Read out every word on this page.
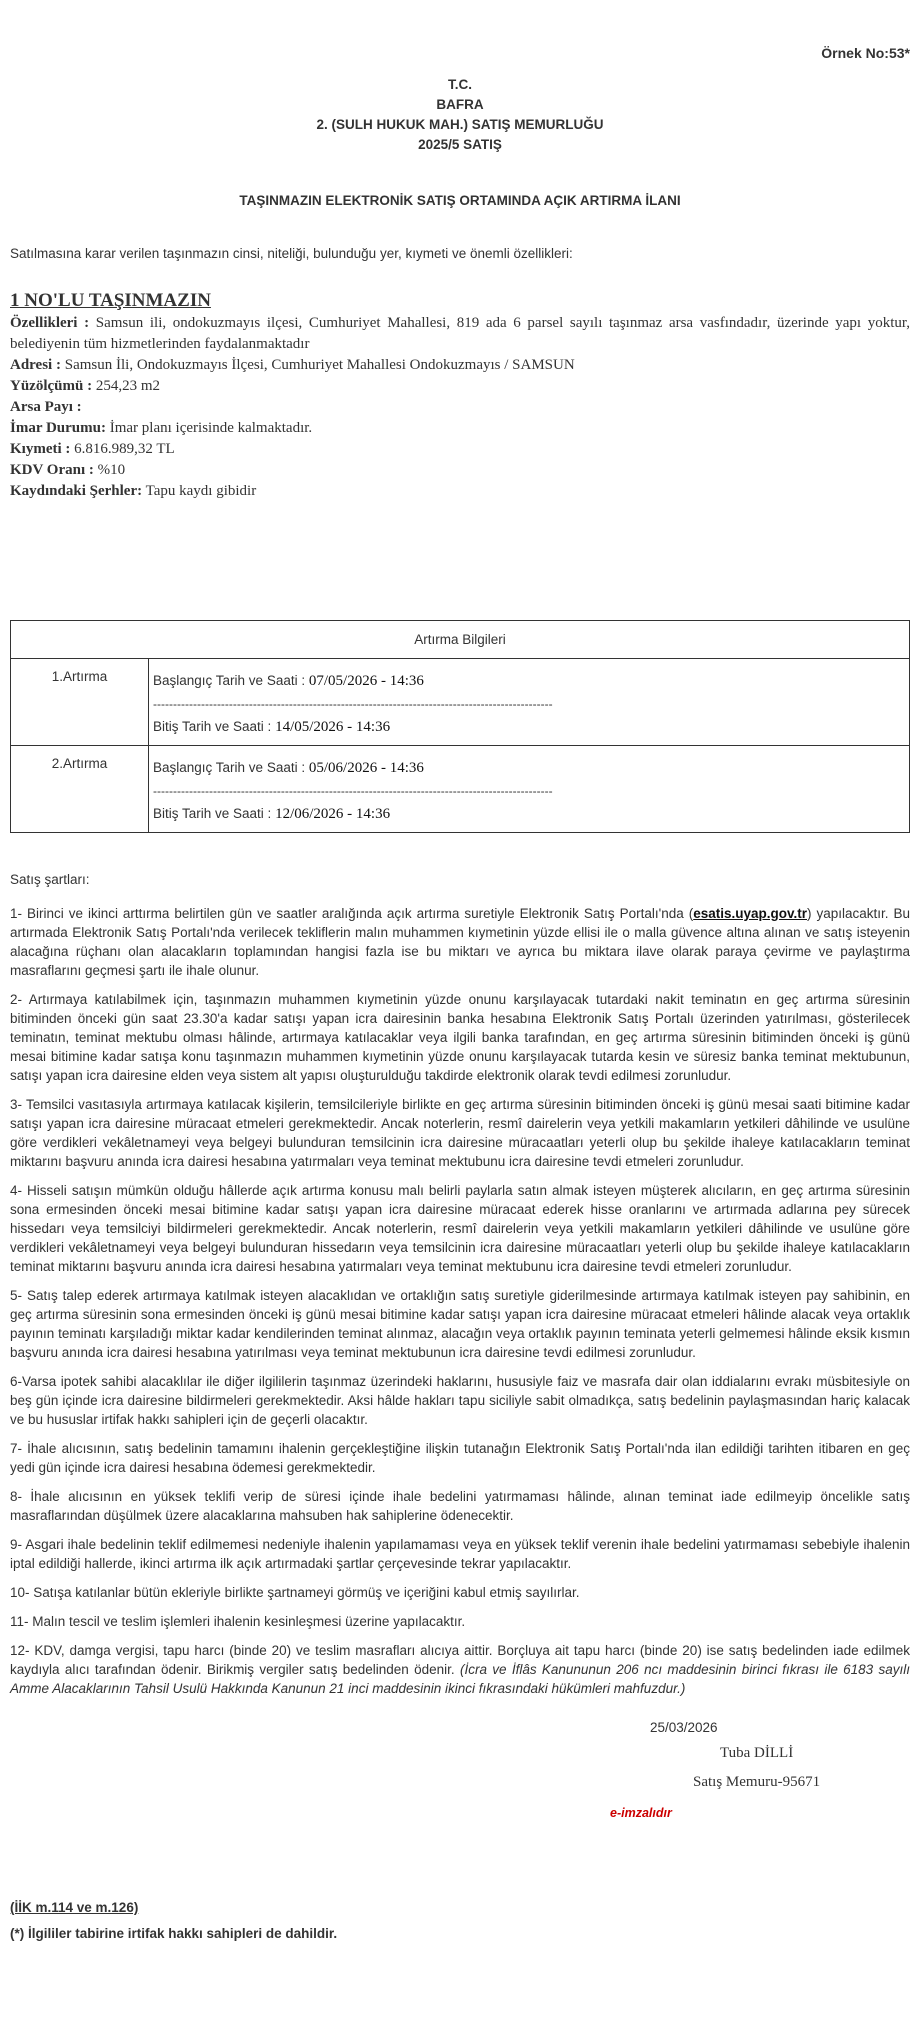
Örnek No:53*
T.C.
BAFRA
2. (SULH HUKUK MAH.) SATIŞ MEMURLUĞU
2025/5 SATIŞ
TAŞINMAZIN ELEKTRONİK SATIŞ ORTAMINDA AÇIK ARTIRMA İLANI
Satılmasına karar verilen taşınmazın cinsi, niteliği, bulunduğu yer, kıymeti ve önemli özellikleri:
1 NO'LU TAŞINMAZIN
Özellikleri : Samsun ili, ondokuzmayıs ilçesi, Cumhuriyet Mahallesi, 819 ada 6 parsel sayılı taşınmaz arsa vasfındadır, üzerinde yapı yoktur, belediyenin tüm hizmetlerinden faydalanmaktadır
Adresi : Samsun İli, Ondokuzmayıs İlçesi, Cumhuriyet Mahallesi Ondokuzmayıs / SAMSUN
Yüzölçümü : 254,23 m2
Arsa Payı :
İmar Durumu: İmar planı içerisinde kalmaktadır.
Kıymeti : 6.816.989,32 TL
KDV Oranı : %10
Kaydındaki Şerhler: Tapu kaydı gibidir
Artırma Bilgileri	
1.Artırma	Başlangıç Tarih ve Saati : 07/05/2026 - 14:36
----------------------------------------------------------------------------------------------------
Bitiş Tarih ve Saati : 14/05/2026 - 14:36

2.Artırma	Başlangıç Tarih ve Saati : 05/06/2026 - 14:36
----------------------------------------------------------------------------------------------------
Bitiş Tarih ve Saati : 12/06/2026 - 14:36

Satış şartları:

1- Birinci ve ikinci arttırma belirtilen gün ve saatler aralığında açık artırma suretiyle Elektronik Satış Portalı'nda (esatis.uyap.gov.tr) yapılacaktır. Bu artırmada Elektronik Satış Portalı'nda verilecek tekliflerin malın muhammen kıymetinin yüzde ellisi ile o malla güvence altına alınan ve satış isteyenin alacağına rüçhanı olan alacakların toplamından hangisi fazla ise bu miktarı ve ayrıca bu miktara ilave olarak paraya çevirme ve paylaştırma masraflarını geçmesi şartı ile ihale olunur.

2- Artırmaya katılabilmek için, taşınmazın muhammen kıymetinin yüzde onunu karşılayacak tutardaki nakit teminatın en geç artırma süresinin bitiminden önceki gün saat 23.30'a kadar satışı yapan icra dairesinin banka hesabına Elektronik Satış Portalı üzerinden yatırılması, gösterilecek teminatın, teminat mektubu olması hâlinde, artırmaya katılacaklar veya ilgili banka tarafından, en geç artırma süresinin bitiminden önceki iş günü mesai bitimine kadar satışa konu taşınmazın muhammen kıymetinin yüzde onunu karşılayacak tutarda kesin ve süresiz banka teminat mektubunun, satışı yapan icra dairesine elden veya sistem alt yapısı oluşturulduğu takdirde elektronik olarak tevdi edilmesi zorunludur.

3- Temsilci vasıtasıyla artırmaya katılacak kişilerin, temsilcileriyle birlikte en geç artırma süresinin bitiminden önceki iş günü mesai saati bitimine kadar satışı yapan icra dairesine müracaat etmeleri gerekmektedir. Ancak noterlerin, resmî dairelerin veya yetkili makamların yetkileri dâhilinde ve usulüne göre verdikleri vekâletnameyi veya belgeyi bulunduran temsilcinin icra dairesine müracaatları yeterli olup bu şekilde ihaleye katılacakların teminat miktarını başvuru anında icra dairesi hesabına yatırmaları veya teminat mektubunu icra dairesine tevdi etmeleri zorunludur.

4- Hisseli satışın mümkün olduğu hâllerde açık artırma konusu malı belirli paylarla satın almak isteyen müşterek alıcıların, en geç artırma süresinin sona ermesinden önceki mesai bitimine kadar satışı yapan icra dairesine müracaat ederek hisse oranlarını ve artırmada adlarına pey sürecek hissedarı veya temsilciyi bildirmeleri gerekmektedir. Ancak noterlerin, resmî dairelerin veya yetkili makamların yetkileri dâhilinde ve usulüne göre verdikleri vekâletnameyi veya belgeyi bulunduran hissedarın veya temsilcinin icra dairesine müracaatları yeterli olup bu şekilde ihaleye katılacakların teminat miktarını başvuru anında icra dairesi hesabına yatırmaları veya teminat mektubunu icra dairesine tevdi etmeleri zorunludur.

5- Satış talep ederek artırmaya katılmak isteyen alacaklıdan ve ortaklığın satış suretiyle giderilmesinde artırmaya katılmak isteyen pay sahibinin, en geç artırma süresinin sona ermesinden önceki iş günü mesai bitimine kadar satışı yapan icra dairesine müracaat etmeleri hâlinde alacak veya ortaklık payının teminatı karşıladığı miktar kadar kendilerinden teminat alınmaz, alacağın veya ortaklık payının teminata yeterli gelmemesi hâlinde eksik kısmın başvuru anında icra dairesi hesabına yatırılması veya teminat mektubunun icra dairesine tevdi edilmesi zorunludur.

6-Varsa ipotek sahibi alacaklılar ile diğer ilgililerin taşınmaz üzerindeki haklarını, hususiyle faiz ve masrafa dair olan iddialarını evrakı müsbitesiyle on beş gün içinde icra dairesine bildirmeleri gerekmektedir. Aksi hâlde hakları tapu siciliyle sabit olmadıkça, satış bedelinin paylaşmasından hariç kalacak ve bu hususlar irtifak hakkı sahipleri için de geçerli olacaktır.

7- İhale alıcısının, satış bedelinin tamamını ihalenin gerçekleştiğine ilişkin tutanağın Elektronik Satış Portalı'nda ilan edildiği tarihten itibaren en geç yedi gün içinde icra dairesi hesabına ödemesi gerekmektedir.

8- İhale alıcısının en yüksek teklifi verip de süresi içinde ihale bedelini yatırmaması hâlinde, alınan teminat iade edilmeyip öncelikle satış masraflarından düşülmek üzere alacaklarına mahsuben hak sahiplerine ödenecektir.

9- Asgari ihale bedelinin teklif edilmemesi nedeniyle ihalenin yapılamaması veya en yüksek teklif verenin ihale bedelini yatırmaması sebebiyle ihalenin iptal edildiği hallerde, ikinci artırma ilk açık artırmadaki şartlar çerçevesinde tekrar yapılacaktır.

10- Satışa katılanlar bütün ekleriyle birlikte şartnameyi görmüş ve içeriğini kabul etmiş sayılırlar.

11- Malın tescil ve teslim işlemleri ihalenin kesinleşmesi üzerine yapılacaktır.

12- KDV, damga vergisi, tapu harcı (binde 20) ve teslim masrafları alıcıya aittir. Borçluya ait tapu harcı (binde 20) ise satış bedelinden iade edilmek kaydıyla alıcı tarafından ödenir. Birikmiş vergiler satış bedelinden ödenir. (İcra ve İflâs Kanununun 206 ncı maddesinin birinci fıkrası ile 6183 sayılı Amme Alacaklarının Tahsil Usulü Hakkında Kanunun 21 inci maddesinin ikinci fıkrasındaki hükümleri mahfuzdur.)

25/03/2026
Tuba DİLLİ
Satış Memuru-95671
e-imzalıdır
(İİK m.114 ve m.126)
(*) İlgililer tabirine irtifak hakkı sahipleri de dahildir.
